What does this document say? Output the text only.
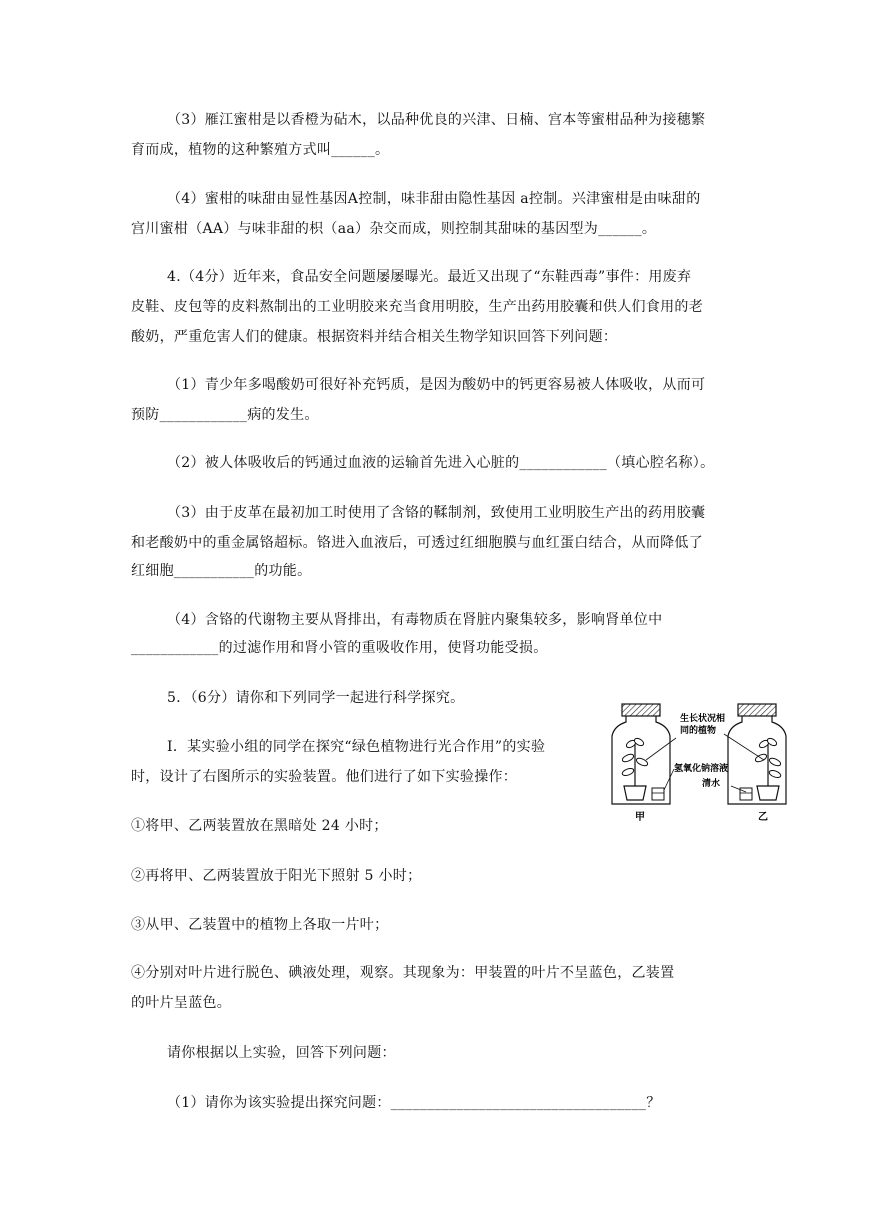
（3）雁江蜜柑是以香橙为砧木，以品种优良的兴津、日楠、宫本等蜜柑品种为接穗繁
育而成，植物的这种繁殖方式叫______。
（4）蜜柑的味甜由显性基因A控制，味非甜由隐性基因 a控制。兴津蜜柑是由味甜的
宫川蜜柑（AA）与味非甜的枳（aa）杂交而成，则控制其甜味的基因型为______。
4.（4分）近年来，食品安全问题屡屡曝光。最近又出现了“东鞋西毒”事件：用废弃
皮鞋、皮包等的皮料熬制出的工业明胶来充当食用明胶，生产出药用胶囊和供人们食用的老
酸奶，严重危害人们的健康。根据资料并结合相关生物学知识回答下列问题：
（1）青少年多喝酸奶可很好补充钙质，是因为酸奶中的钙更容易被人体吸收，从而可
预防____________病的发生。
（2）被人体吸收后的钙通过血液的运输首先进入心脏的____________（填心腔名称）。
（3）由于皮革在最初加工时使用了含铬的鞣制剂，致使用工业明胶生产出的药用胶囊
和老酸奶中的重金属铬超标。铬进入血液后，可透过红细胞膜与血红蛋白结合，从而降低了
红细胞___________的功能。
（4）含铬的代谢物主要从肾排出，有毒物质在肾脏内聚集较多，影响肾单位中
____________的过滤作用和肾小管的重吸收作用，使肾功能受损。
5．（6分）请你和下列同学一起进行科学探究。
Ⅰ．某实验小组的同学在探究“绿色植物进行光合作用”的实验
时，设计了右图所示的实验装置。他们进行了如下实验操作：
①将甲、乙两装置放在黑暗处 24 小时；
②再将甲、乙两装置放于阳光下照射 5 小时；
③从甲、乙装置中的植物上各取一片叶；
④分别对叶片进行脱色、碘液处理，观察。其现象为：甲装置的叶片不呈蓝色，乙装置
的叶片呈蓝色。
请你根据以上实验，回答下列问题：
（1）请你为该实验提出探究问题：___________________________________？
生长状况相
同的植物
氢氧化钠溶液
清水
甲	乙
